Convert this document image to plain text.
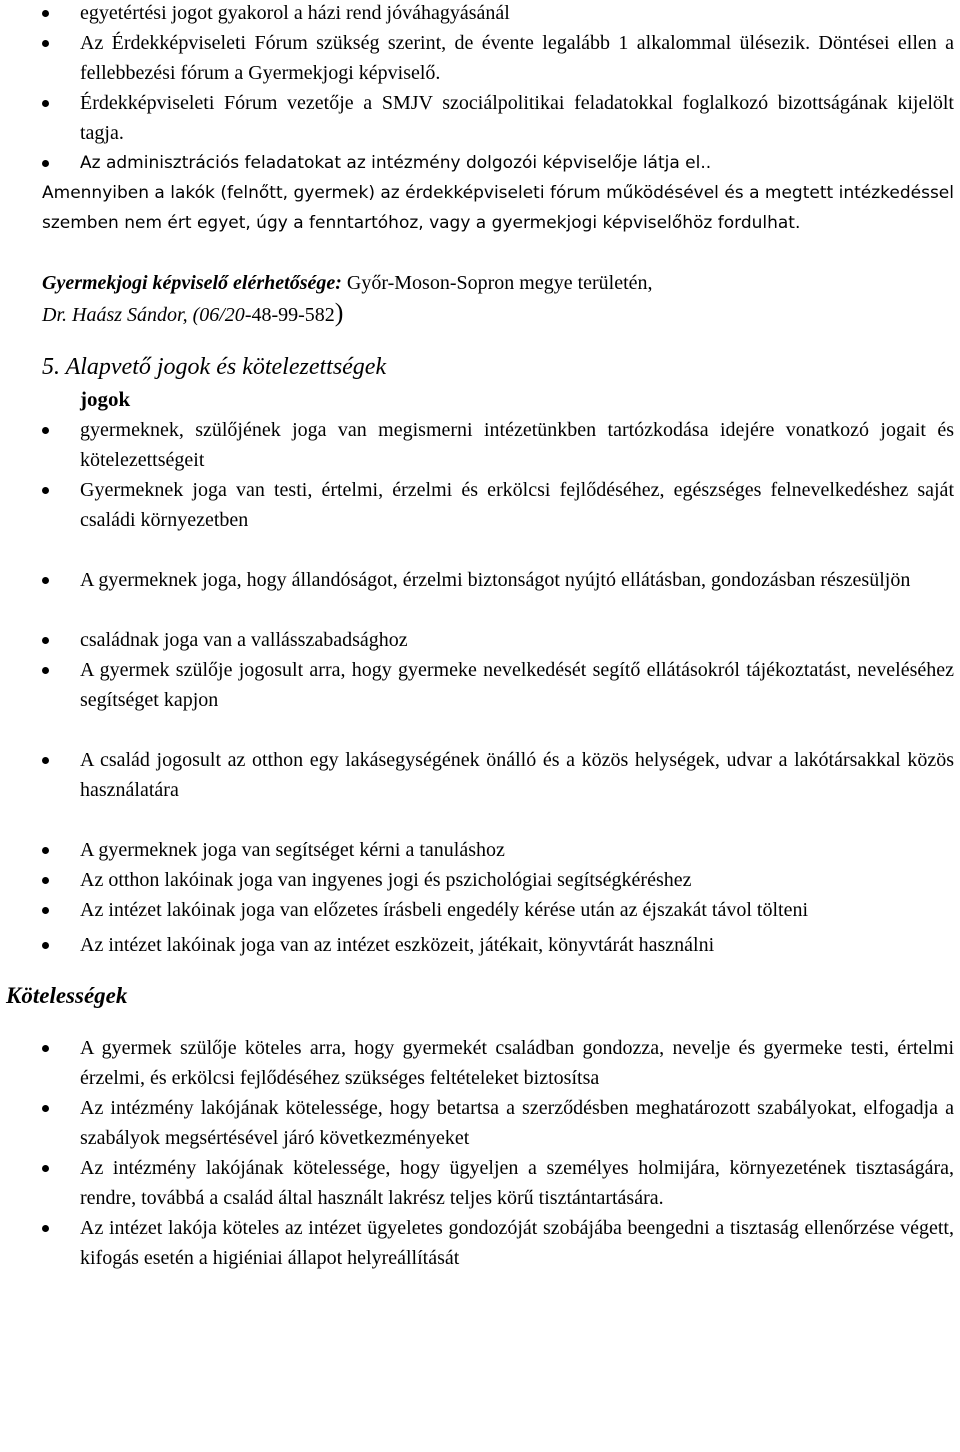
egyetértési jogot gyakorol a házi rend jóváhagyásánál
Az Érdekképviseleti Fórum szükség szerint, de évente legalább 1 alkalommal ülésezik. Döntései ellen a fellebbezési fórum a Gyermekjogi képviselő.
Érdekképviseleti Fórum vezetője a SMJV szociálpolitikai feladatokkal foglalkozó bizottságának kijelölt tagja.
Az adminisztrációs feladatokat az intézmény dolgozói képviselője látja el..
Amennyiben a lakók (felnőtt, gyermek) az érdekképviseleti fórum működésével és a megtett intézkedéssel szemben nem ért egyet, úgy a fenntartóhoz, vagy a gyermekjogi képviselőhöz fordulhat.
Gyermekjogi képviselő elérhetősége: Győr-Moson-Sopron megye területén,
Dr. Haász Sándor, (06/20-48-99-582)
5. Alapvető jogok és kötelezettségek
jogok
gyermeknek, szülőjének joga van megismerni intézetünkben tartózkodása idejére vonatkozó jogait és kötelezettségeit
Gyermeknek joga van testi, értelmi, érzelmi és erkölcsi fejlődéséhez, egészséges felnevelkedéshez saját családi környezetben
A gyermeknek joga, hogy állandóságot, érzelmi biztonságot nyújtó ellátásban, gondozásban részesüljön
családnak joga van a vallásszabadsághoz
A gyermek szülője jogosult arra, hogy gyermeke nevelkedését segítő ellátásokról tájékoztatást, neveléséhez segítséget kapjon
A család jogosult az otthon egy lakásegységének önálló és a közös helységek, udvar a lakótársakkal közös használatára
A gyermeknek joga van segítséget kérni a tanuláshoz
Az otthon lakóinak joga van ingyenes jogi és pszichológiai segítségkéréshez
Az intézet lakóinak joga van előzetes írásbeli engedély kérése után az éjszakát távol tölteni
Az intézet lakóinak joga van az intézet eszközeit, játékait, könyvtárát használni
Kötelességek
A gyermek szülője köteles arra, hogy gyermekét családban gondozza, nevelje és gyermeke testi, értelmi érzelmi, és erkölcsi fejlődéséhez szükséges feltételeket biztosítsa
Az intézmény lakójának kötelessége, hogy betartsa a szerződésben meghatározott szabályokat, elfogadja a szabályok megsértésével járó következményeket
Az intézmény lakójának kötelessége, hogy ügyeljen a személyes holmijára, környezetének tisztaságára, rendre, továbbá a család által használt lakrész teljes körű tisztántartására.
Az intézet lakója köteles az intézet ügyeletes gondozóját szobájába beengedni a tisztaság ellenőrzése végett, kifogás esetén a higiéniai állapot helyreállítását
